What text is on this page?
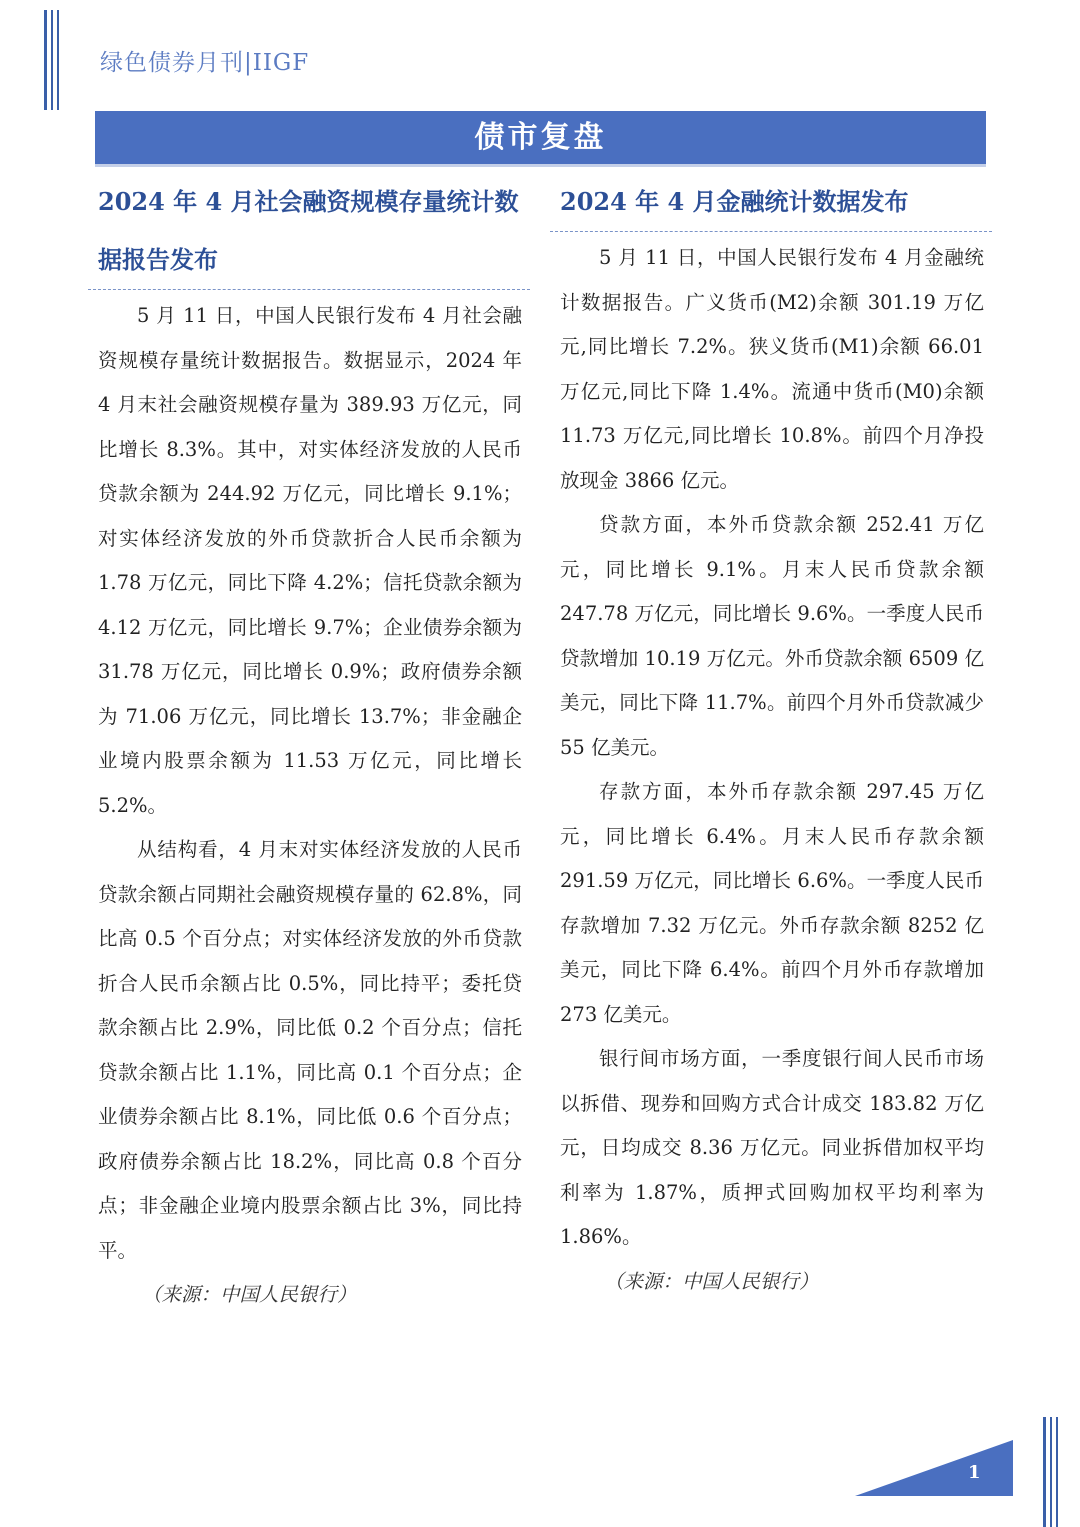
绿色债券月刊|IIGF
债市复盘
2024 年 4 月社会融资规模存量统计数据报告发布

5 月 11 日，中国人民银行发布 4 月社会融资规模存量统计数据报告。数据显示，2024 年 4 月末社会融资规模存量为 389.93 万亿元，同比增长 8.3%。其中，对实体经济发放的人民币贷款余额为 244.92 万亿元，同比增长 9.1%；对实体经济发放的外币贷款折合人民币余额为 1.78 万亿元，同比下降 4.2%；信托贷款余额为 4.12 万亿元，同比增长 9.7%；企业债券余额为 31.78 万亿元，同比增长 0.9%；政府债券余额为 71.06 万亿元，同比增长 13.7%；非金融企业境内股票余额为 11.53 万亿元，同比增长 5.2%。

从结构看，4 月末对实体经济发放的人民币贷款余额占同期社会融资规模存量的 62.8%，同比高 0.5 个百分点；对实体经济发放的外币贷款折合人民币余额占比 0.5%，同比持平；委托贷款余额占比 2.9%，同比低 0.2 个百分点；信托贷款余额占比 1.1%，同比高 0.1 个百分点；企业债券余额占比 8.1%，同比低 0.6 个百分点；政府债券余额占比 18.2%，同比高 0.8 个百分点；非金融企业境内股票余额占比 3%，同比持平。

（来源：中国人民银行）
2024 年 4 月金融统计数据发布

5 月 11 日，中国人民银行发布 4 月金融统计数据报告。广义货币(M2)余额 301.19 万亿元,同比增长 7.2%。狭义货币(M1)余额 66.01 万亿元,同比下降 1.4%。流通中货币(M0)余额 11.73 万亿元,同比增长 10.8%。前四个月净投放现金 3866 亿元。

贷款方面，本外币贷款余额 252.41 万亿元，同比增长 9.1%。月末人民币贷款余额 247.78 万亿元，同比增长 9.6%。一季度人民币贷款增加 10.19 万亿元。外币贷款余额 6509 亿美元，同比下降 11.7%。前四个月外币贷款减少 55 亿美元。

存款方面，本外币存款余额 297.45 万亿元，同比增长 6.4%。月末人民币存款余额 291.59 万亿元，同比增长 6.6%。一季度人民币存款增加 7.32 万亿元。外币存款余额 8252 亿美元，同比下降 6.4%。前四个月外币存款增加 273 亿美元。

银行间市场方面，一季度银行间人民币市场以拆借、现券和回购方式合计成交 183.82 万亿元，日均成交 8.36 万亿元。同业拆借加权平均利率为 1.87%，质押式回购加权平均利率为 1.86%。

（来源：中国人民银行）
1
